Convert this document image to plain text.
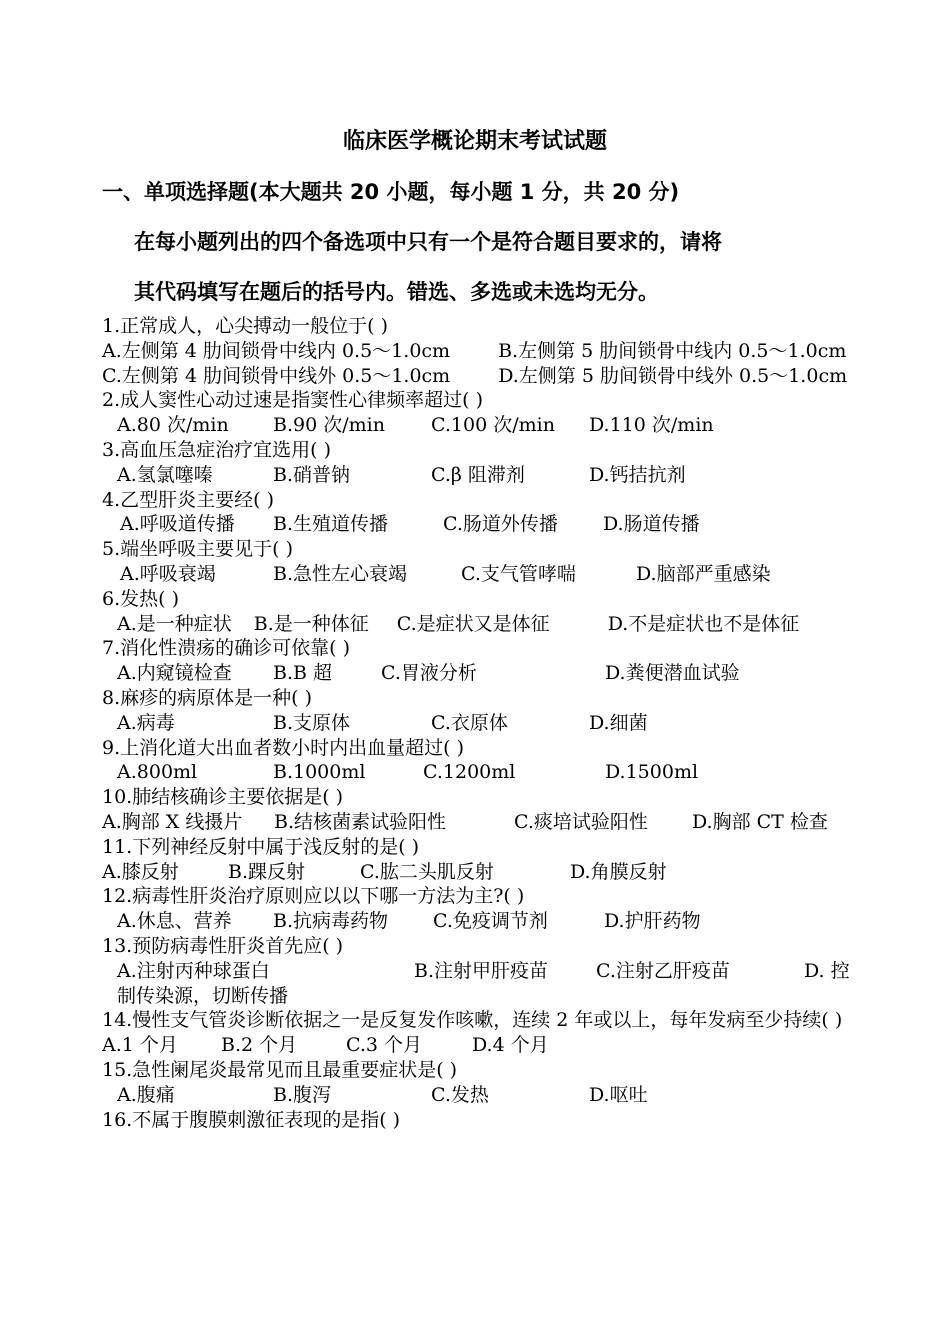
临床医学概论期末考试试题
一、单项选择题(本大题共 20 小题，每小题 1 分，共 20 分)
在每小题列出的四个备选项中只有一个是符合题目要求的，请将
其代码填写在题后的括号内。错选、多选或未选均无分。
1.正常成人，心尖搏动一般位于( )
A.左侧第 4 肋间锁骨中线内 0.5～1.0cm	B.左侧第 5 肋间锁骨中线内 0.5～1.0cm
C.左侧第 4 肋间锁骨中线外 0.5～1.0cm	D.左侧第 5 肋间锁骨中线外 0.5～1.0cm
2.成人窦性心动过速是指窦性心律频率超过( )
A.80 次/min	B.90 次/min	C.100 次/min	D.110 次/min
3.高血压急症治疗宜选用( )
A.氢氯噻嗪	B.硝普钠	C.β 阻滞剂	D.钙拮抗剂
4.乙型肝炎主要经( )
A.呼吸道传播	B.生殖道传播	C.肠道外传播	D.肠道传播
5.端坐呼吸主要见于( )
A.呼吸衰竭	B.急性左心衰竭	C.支气管哮喘	D.脑部严重感染
6.发热( )
A.是一种症状 B.是一种体征 C.是症状又是体征	D.不是症状也不是体征
7.消化性溃疡的确诊可依靠( )
A.内窥镜检查	B.B 超	C.胃液分析	D.粪便潜血试验
8.麻疹的病原体是一种( )
A.病毒	B.支原体	C.衣原体	D.细菌
9.上消化道大出血者数小时内出血量超过( )
A.800ml	B.1000ml	C.1200ml	D.1500ml
10.肺结核确诊主要依据是( )
A.胸部 X 线摄片	B.结核菌素试验阳性	C.痰培试验阳性	D.胸部 CT 检查
11.下列神经反射中属于浅反射的是( )
A.膝反射	B.踝反射	C.肱二头肌反射	D.角膜反射
12.病毒性肝炎治疗原则应以以下哪一方法为主?( )
A.休息、营养	B.抗病毒药物	C.免疫调节剂	D.护肝药物
13.预防病毒性肝炎首先应( )
A.注射丙种球蛋白	B.注射甲肝疫苗	C.注射乙肝疫苗	D. 控制传染源，切断传播
14.慢性支气管炎诊断依据之一是反复发作咳嗽，连续 2 年或以上，每年发病至少持续( )
A.1 个月	B.2 个月	C.3 个月	D.4 个月
15.急性阑尾炎最常见而且最重要症状是( )
A.腹痛	B.腹泻	C.发热	D.呕吐
16.不属于腹膜刺激征表现的是指( )
